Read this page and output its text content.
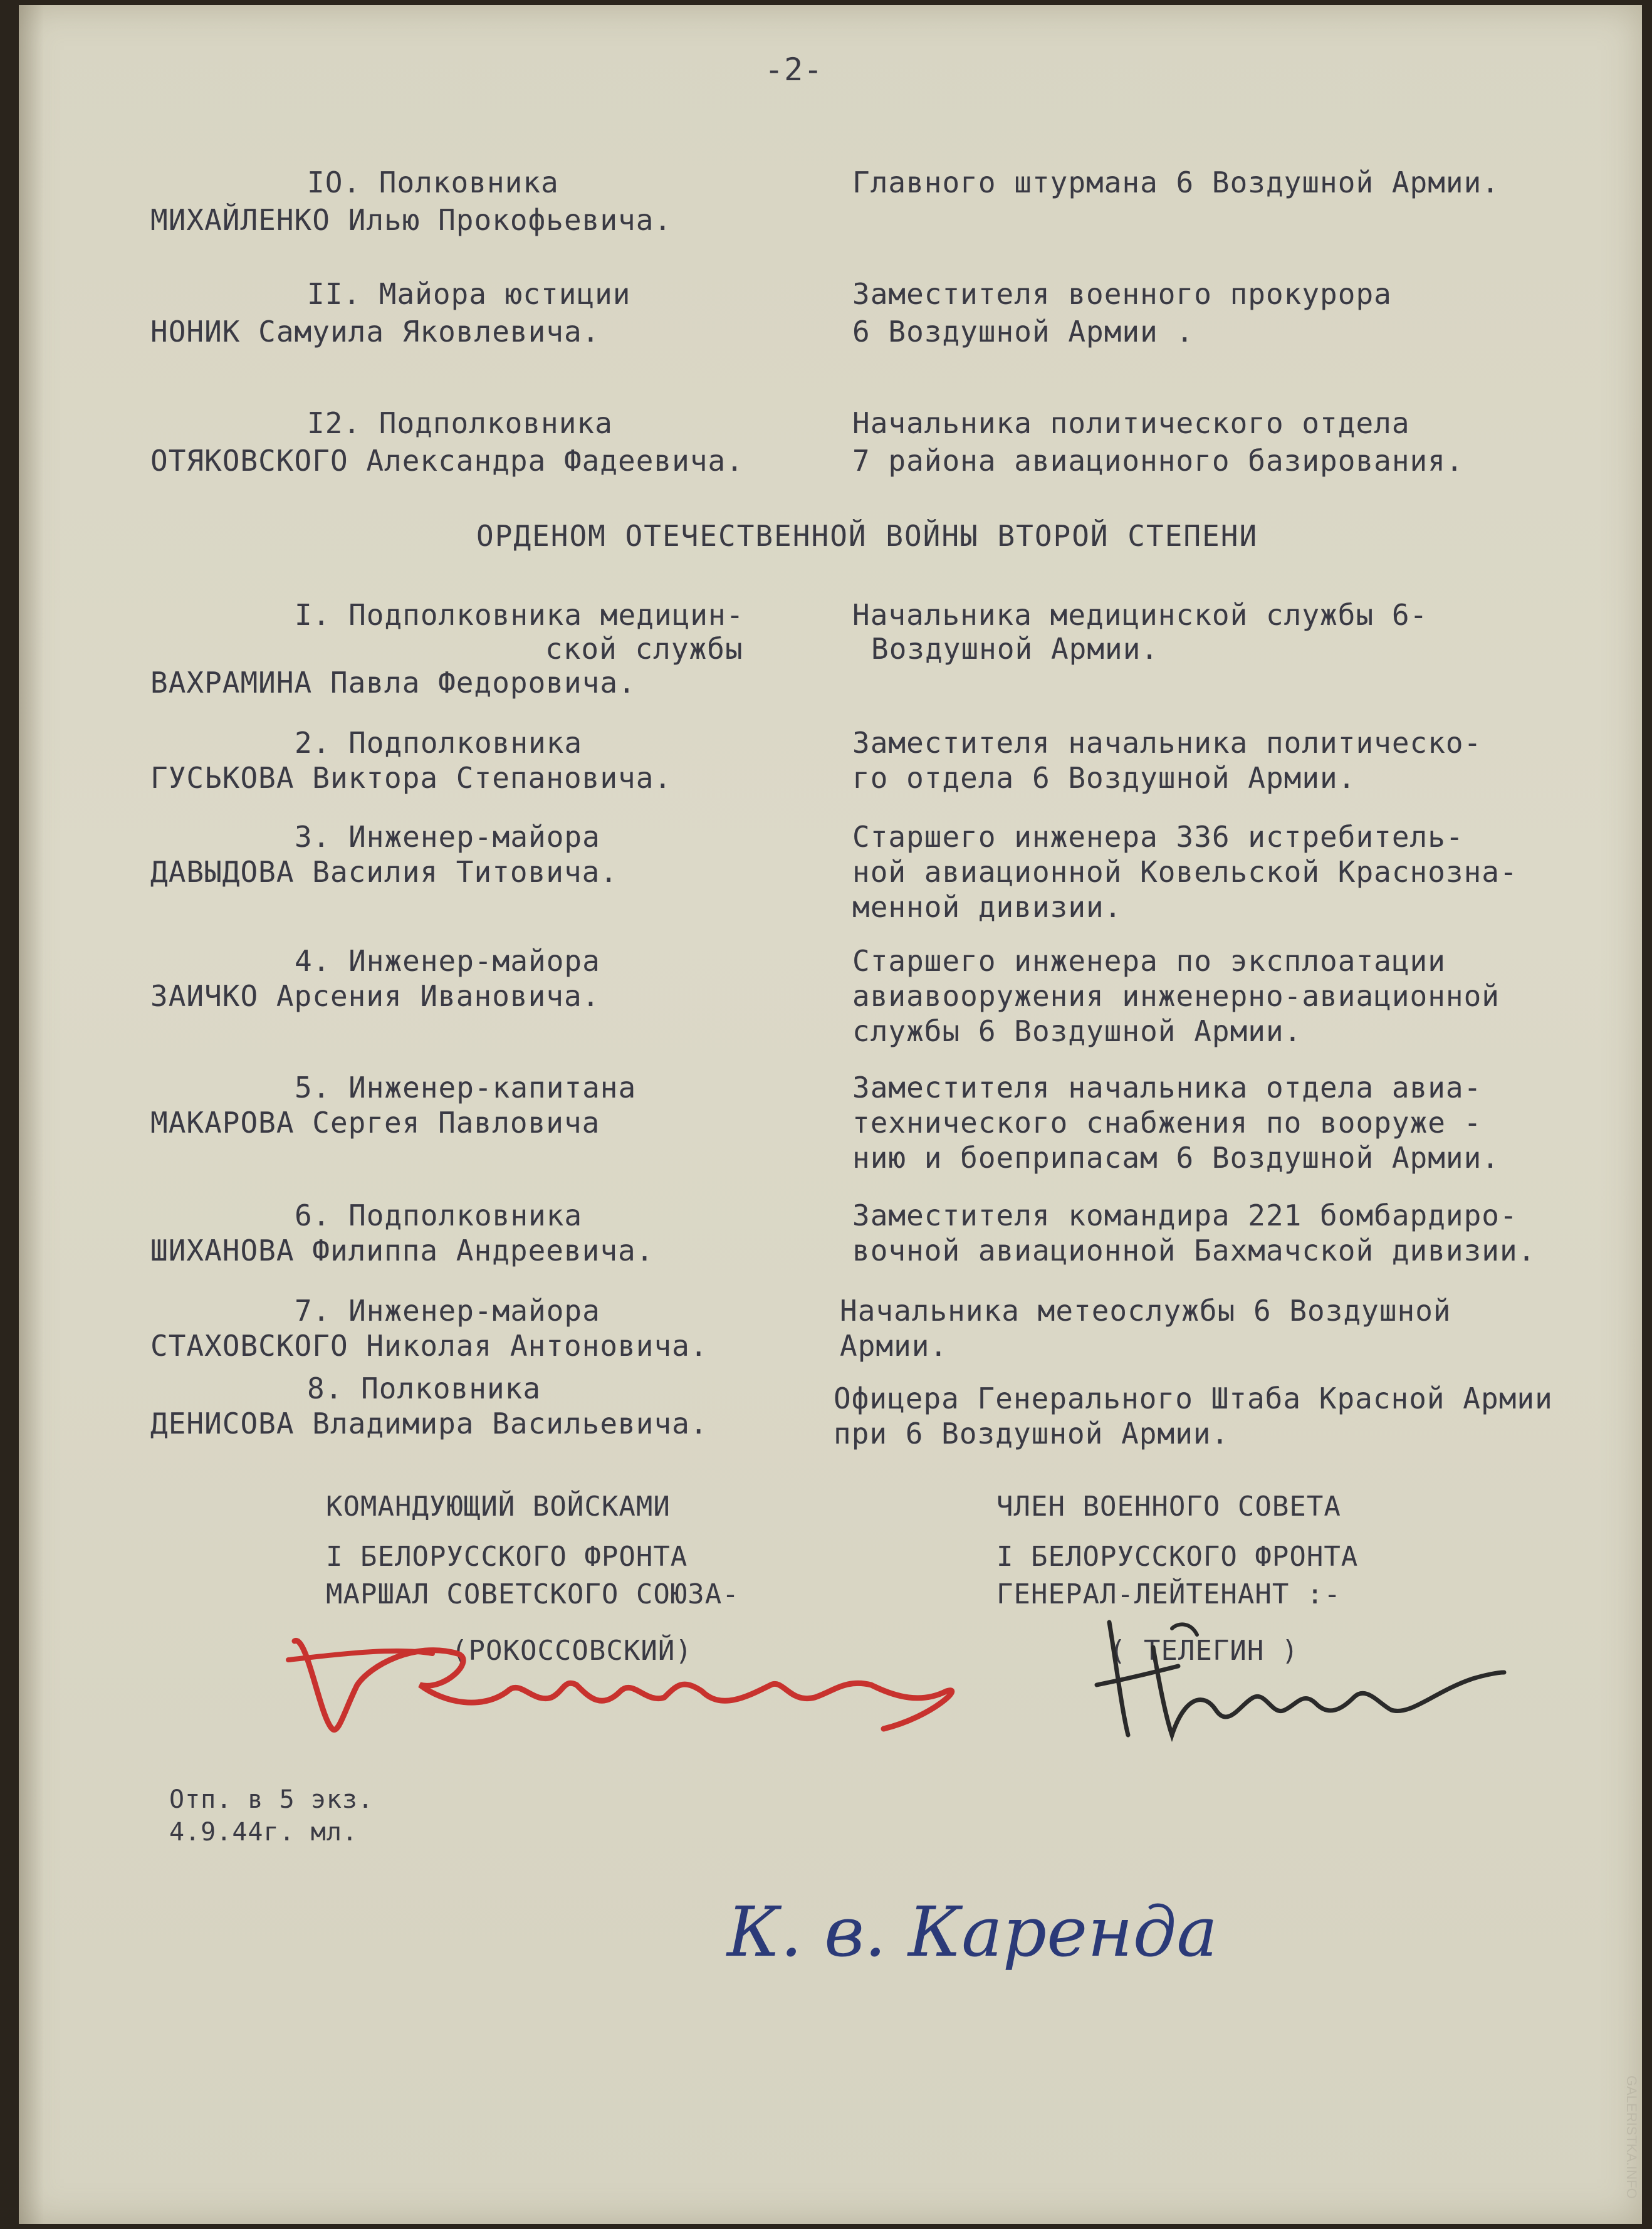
-2-
IO. Полковника
МИХАЙЛЕНКО Илью Прокофьевича.
Главного штурмана 6 Воздушной Армии.
II. Майора юстиции
НОНИК Самуила Яковлевича.
Заместителя военного прокурора
6 Воздушной Армии .
I2. Подполковника
ОТЯКОВСКОГО Александра Фадеевича.
Начальника политического отдела
7 района авиационного базирования.
ОРДЕНОМ ОТЕЧЕСТВЕННОЙ ВОЙНЫ ВТОРОЙ СТЕПЕНИ
I. Подполковника медицин-
ской службы
ВАХРАМИНА Павла Федоровича.
Начальника медицинской службы 6-
Воздушной Армии.
2. Подполковника
ГУСЬКОВА Виктора Степановича.
Заместителя начальника политическо-
го отдела 6 Воздушной Армии.
3. Инженер-майора
ДАВЫДОВА Василия Титовича.
Старшего инженера 336 истребитель-
ной авиационной Ковельской Краснозна-
менной дивизии.
4. Инженер-майора
ЗАИЧКО Арсения Ивановича.
Старшего инженера по эксплоатации
авиавооружения инженерно-авиационной
службы 6 Воздушной Армии.
5. Инженер-капитана
МАКАРОВА Сергея Павловича
Заместителя начальника отдела авиа-
технического снабжения по вооруже -
нию и боеприпасам 6 Воздушной Армии.
6. Подполковника
ШИХАНОВА Филиппа Андреевича.
Заместителя командира 221 бомбардиро-
вочной авиационной Бахмачской дивизии.
7. Инженер-майора
СТАХОВСКОГО Николая Антоновича.
Начальника метеослужбы 6 Воздушной
Армии.
8. Полковника
ДЕНИСОВА Владимира Васильевича.
Офицера Генерального Штаба Красной Армии
при 6 Воздушной Армии.
КОМАНДУЮЩИЙ ВОЙСКАМИ
I БЕЛОРУССКОГО ФРОНТА
МАРШАЛ СОВЕТСКОГО СОЮЗА-
(РОКОССОВСКИЙ)
ЧЛЕН ВОЕННОГО СОВЕТА
I БЕЛОРУССКОГО ФРОНТА
ГЕНЕРАЛ-ЛЕЙТЕНАНТ :-
( ТЕЛЕГИН )
Отп. в 5 экз.
4.9.44г. мл.
К. в. Каренда
GALERISTKA.INFO
